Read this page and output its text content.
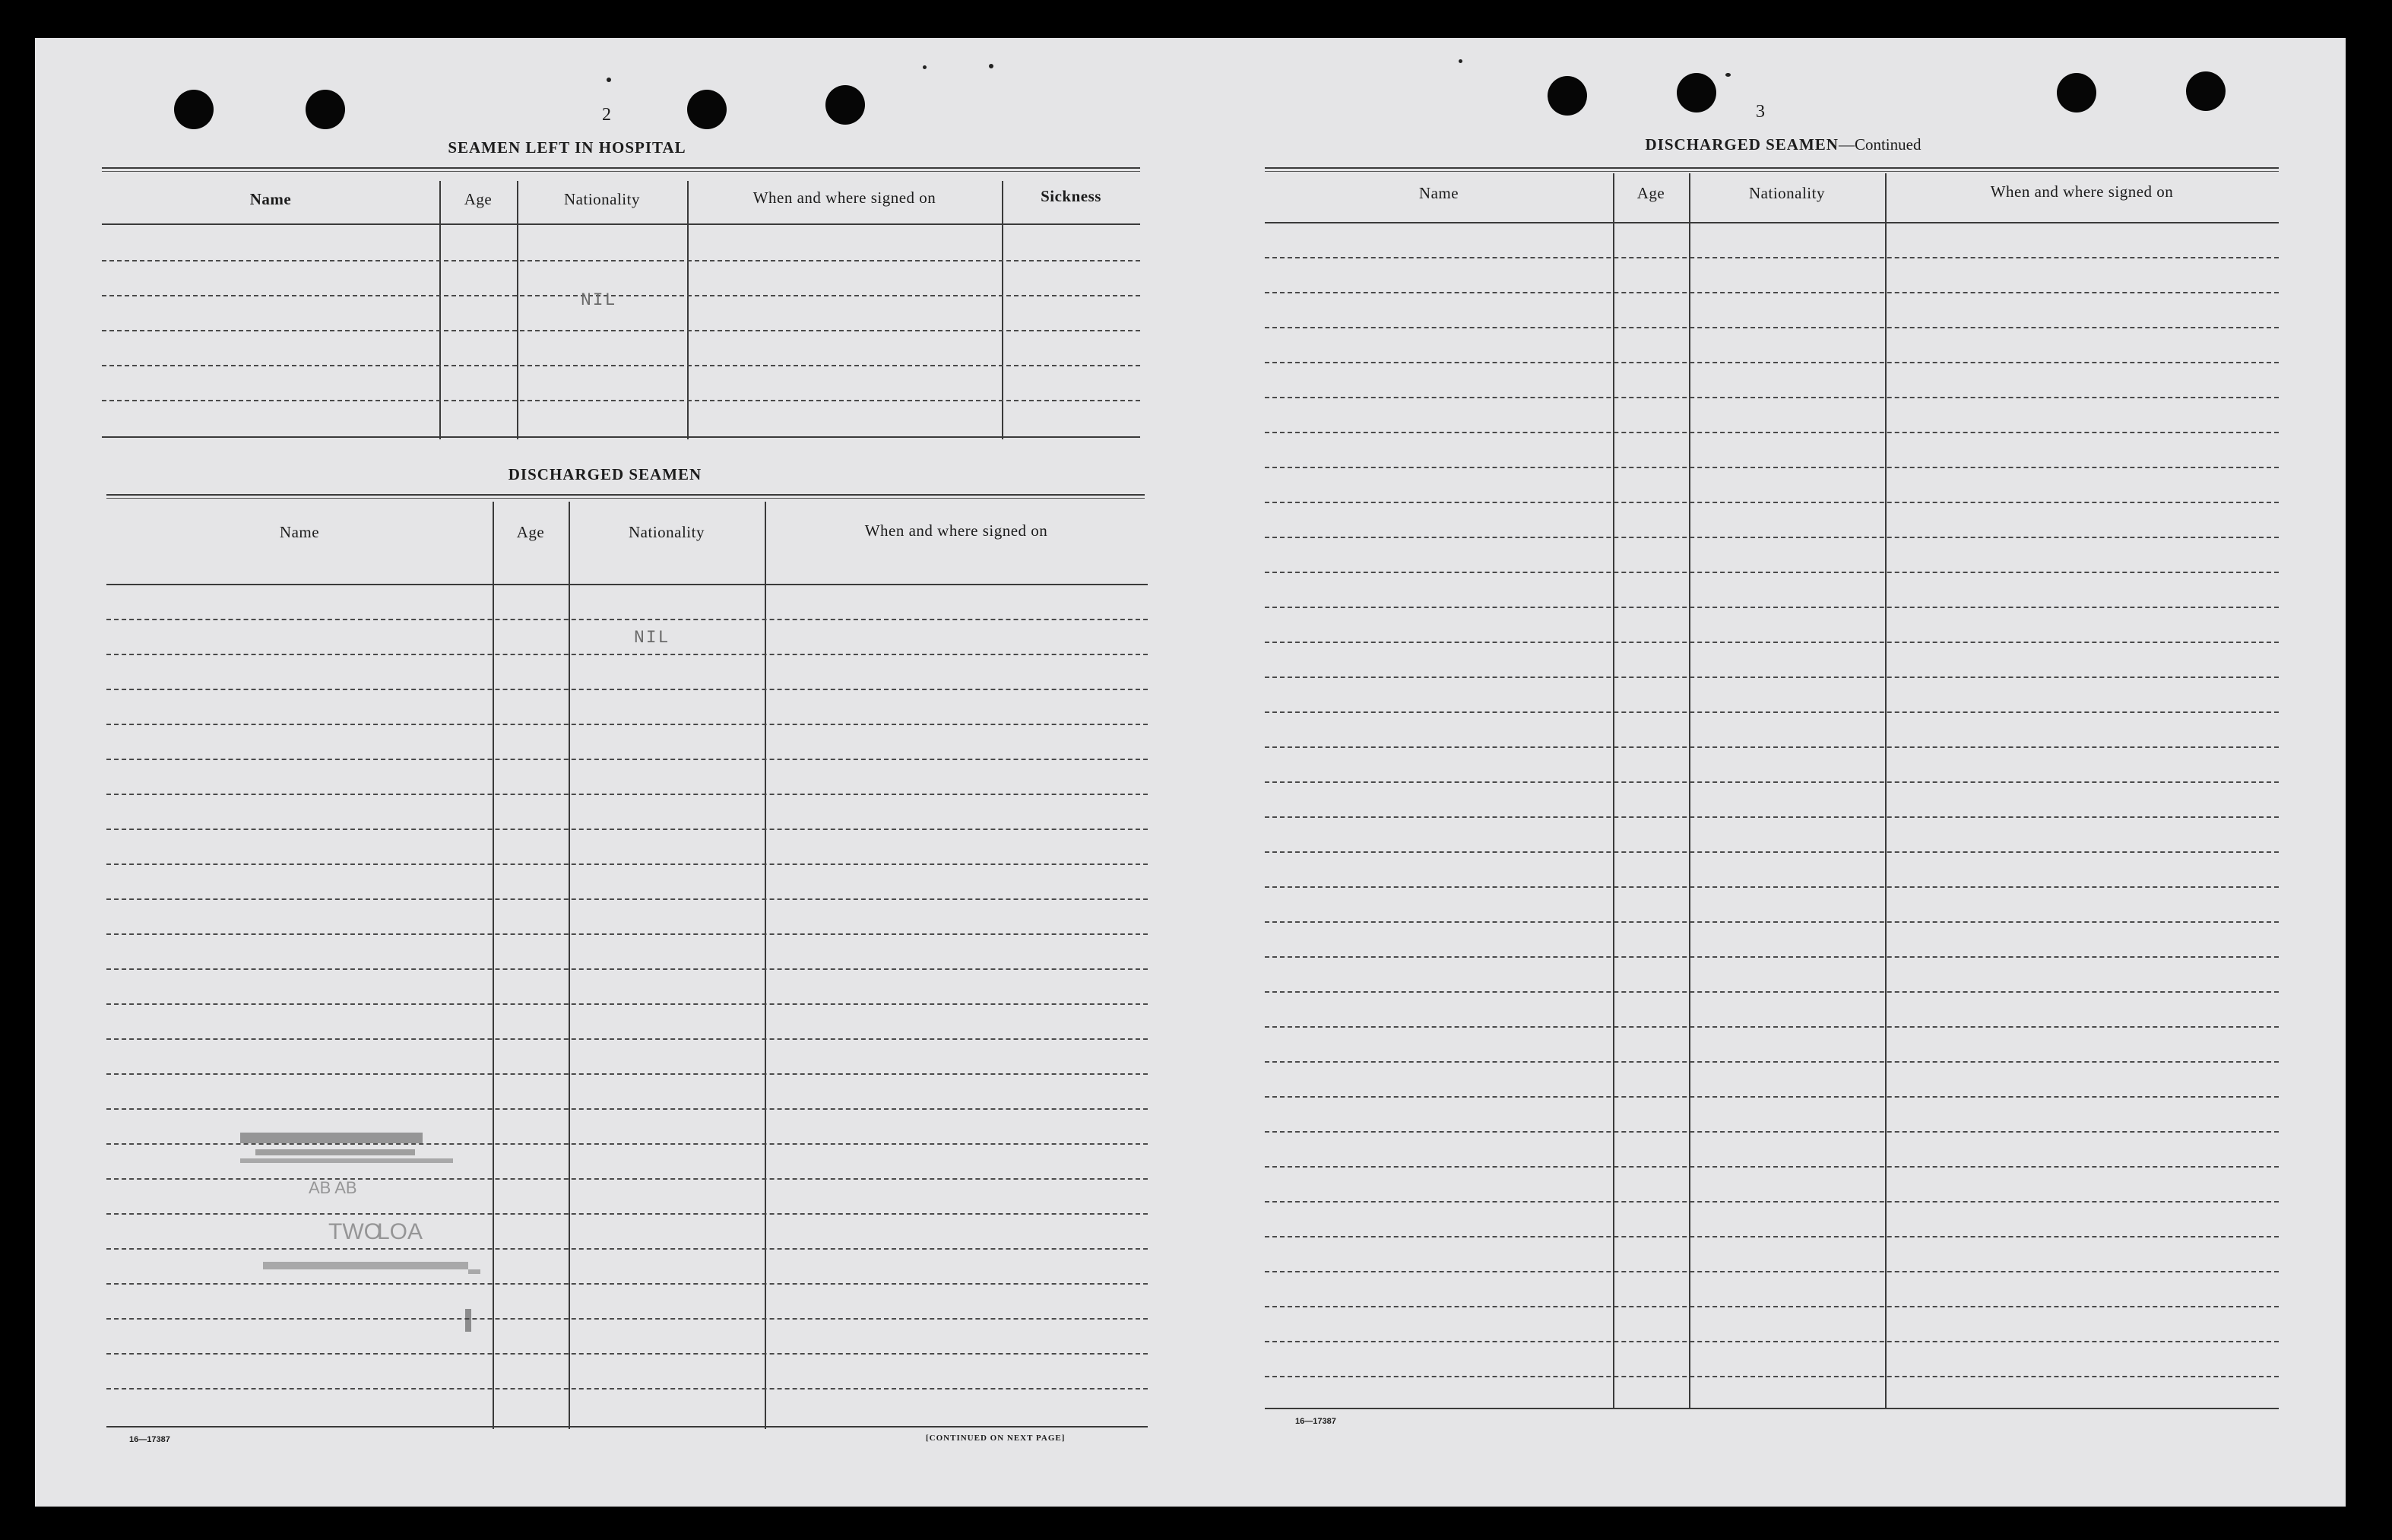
2
SEAMEN LEFT IN HOSPITAL
Name	Age	Nationality	When and where signed on	Sickness
NIL
DISCHARGED SEAMEN
Name	Age	Nationality	When and where signed on
NIL
AB AB
TWO
LOA
16—17387	[CONTINUED ON NEXT PAGE]
3
DISCHARGED SEAMEN—Continued
Name	Age	Nationality	When and where signed on
16—17387
